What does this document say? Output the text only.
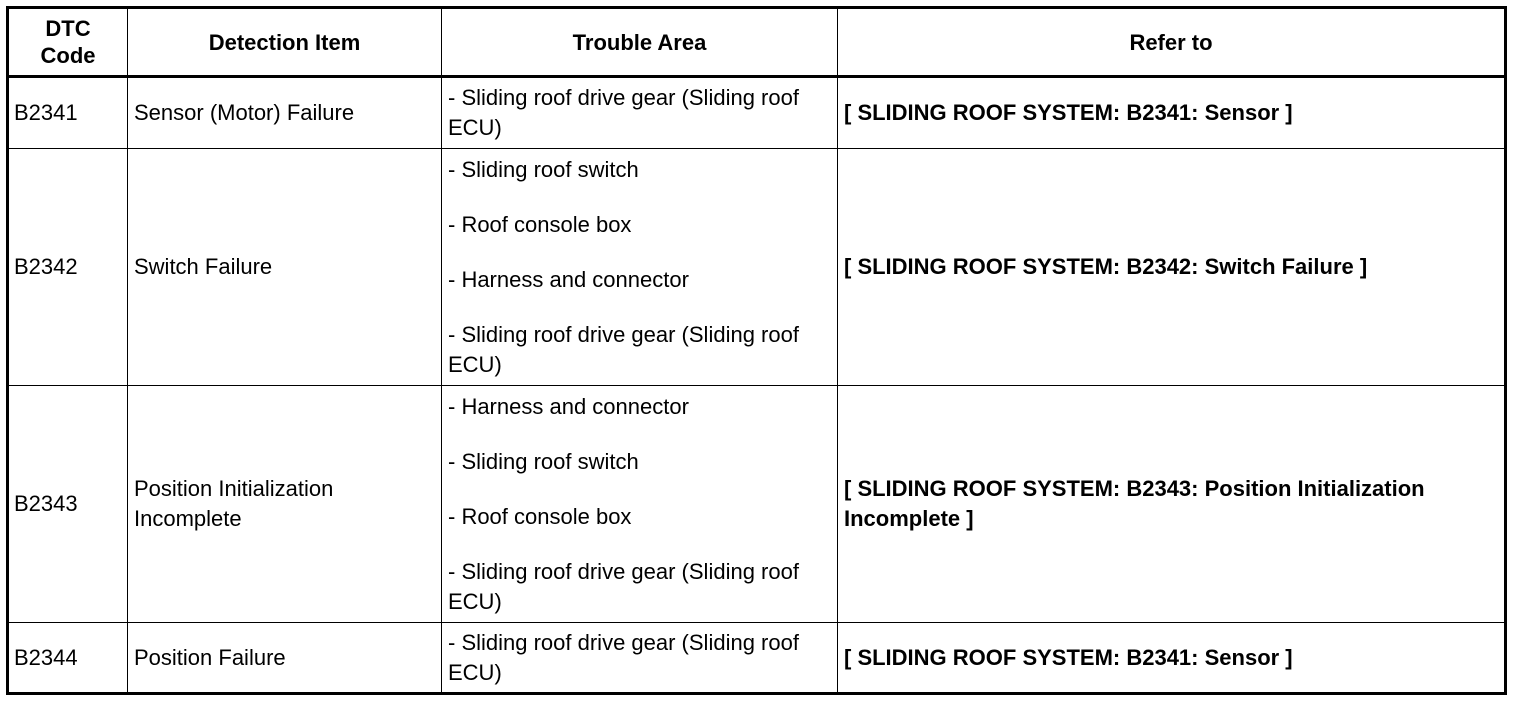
DTC Code	Detection Item	Trouble Area	Refer to
B2341	Sensor (Motor) Failure	- Sliding roof drive gear (Sliding roof ECU)	[ SLIDING ROOF SYSTEM: B2341: Sensor ]
B2342	Switch Failure	- Sliding roof switch
- Roof console box
- Harness and connector
- Sliding roof drive gear (Sliding roof ECU)	[ SLIDING ROOF SYSTEM: B2342: Switch Failure ]
B2343	Position Initialization Incomplete	- Harness and connector
- Sliding roof switch
- Roof console box
- Sliding roof drive gear (Sliding roof ECU)	[ SLIDING ROOF SYSTEM: B2343: Position Initialization Incomplete ]
B2344	Position Failure	- Sliding roof drive gear (Sliding roof ECU)	[ SLIDING ROOF SYSTEM: B2341: Sensor ]
